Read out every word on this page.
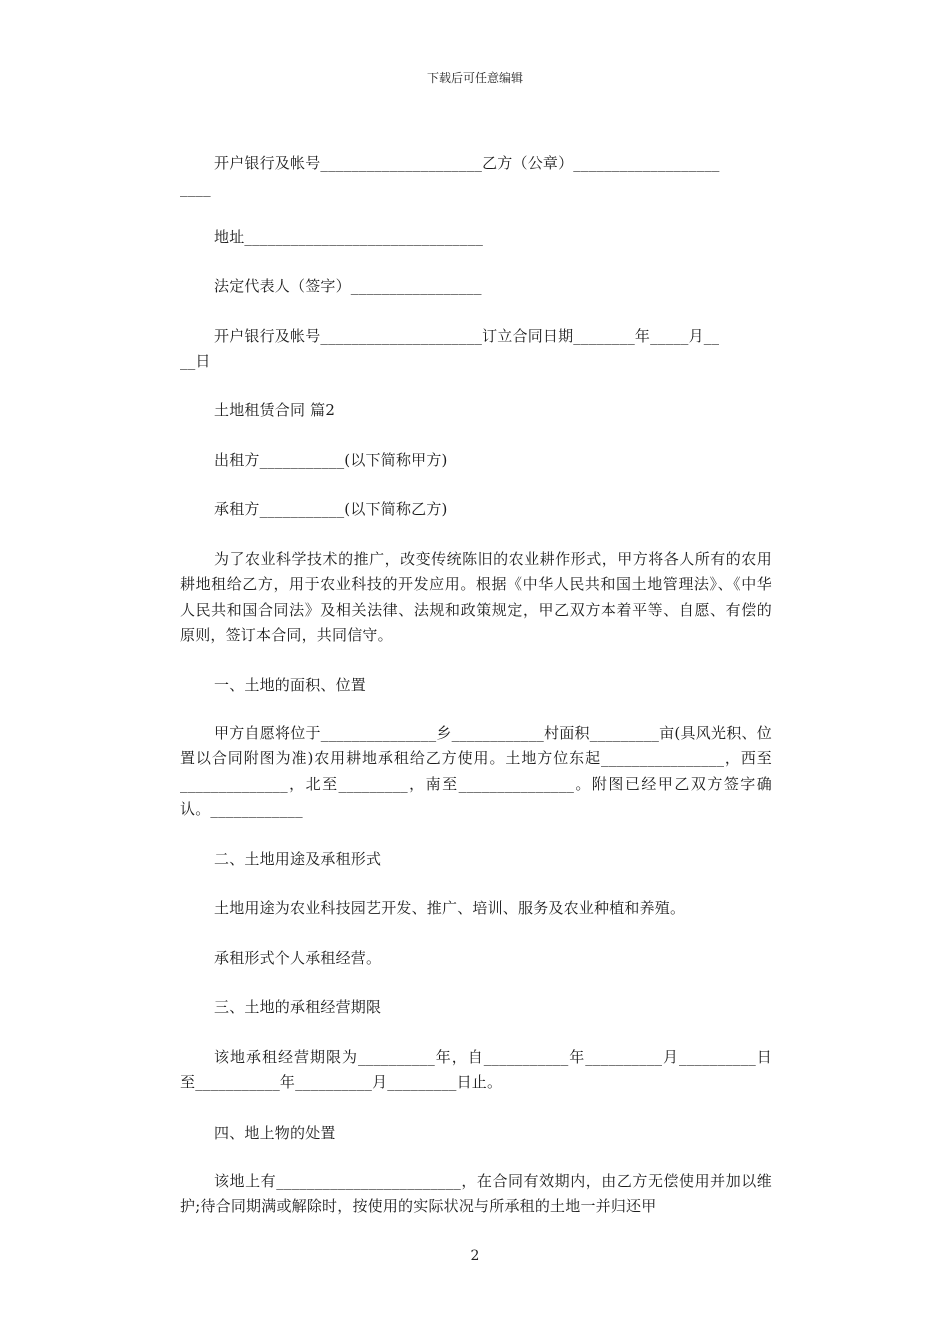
下载后可任意编辑
开户银行及帐号_____________________乙方（公章）___________________
____
地址_______________________________
法定代表人（签字）_________________
开户银行及帐号_____________________订立合同日期________年_____月__
__日
土地租赁合同 篇2
出租方___________(以下简称甲方)
承租方___________(以下简称乙方)
为了农业科学技术的推广，改变传统陈旧的农业耕作形式，甲方将各人所有的农用耕地租给乙方，用于农业科技的开发应用。根据《中华人民共和国土地管理法》、《中华人民共和国合同法》及相关法律、法规和政策规定，甲乙双方本着平等、自愿、有偿的原则，签订本合同，共同信守。
一、土地的面积、位置
甲方自愿将位于_______________乡____________村面积_________亩(具风光积、位置以合同附图为准)农用耕地承租给乙方使用。土地方位东起________________，西至______________，北至_________，南至_______________。附图已经甲乙双方签字确认。____________
二、土地用途及承租形式
土地用途为农业科技园艺开发、推广、培训、服务及农业种植和养殖。
承租形式个人承租经营。
三、土地的承租经营期限
该地承租经营期限为__________年，自___________年__________月__________日至___________年__________月_________日止。
四、地上物的处置
该地上有________________________，在合同有效期内，由乙方无偿使用并加以维护;待合同期满或解除时，按使用的实际状况与所承租的土地一并归还甲
2
